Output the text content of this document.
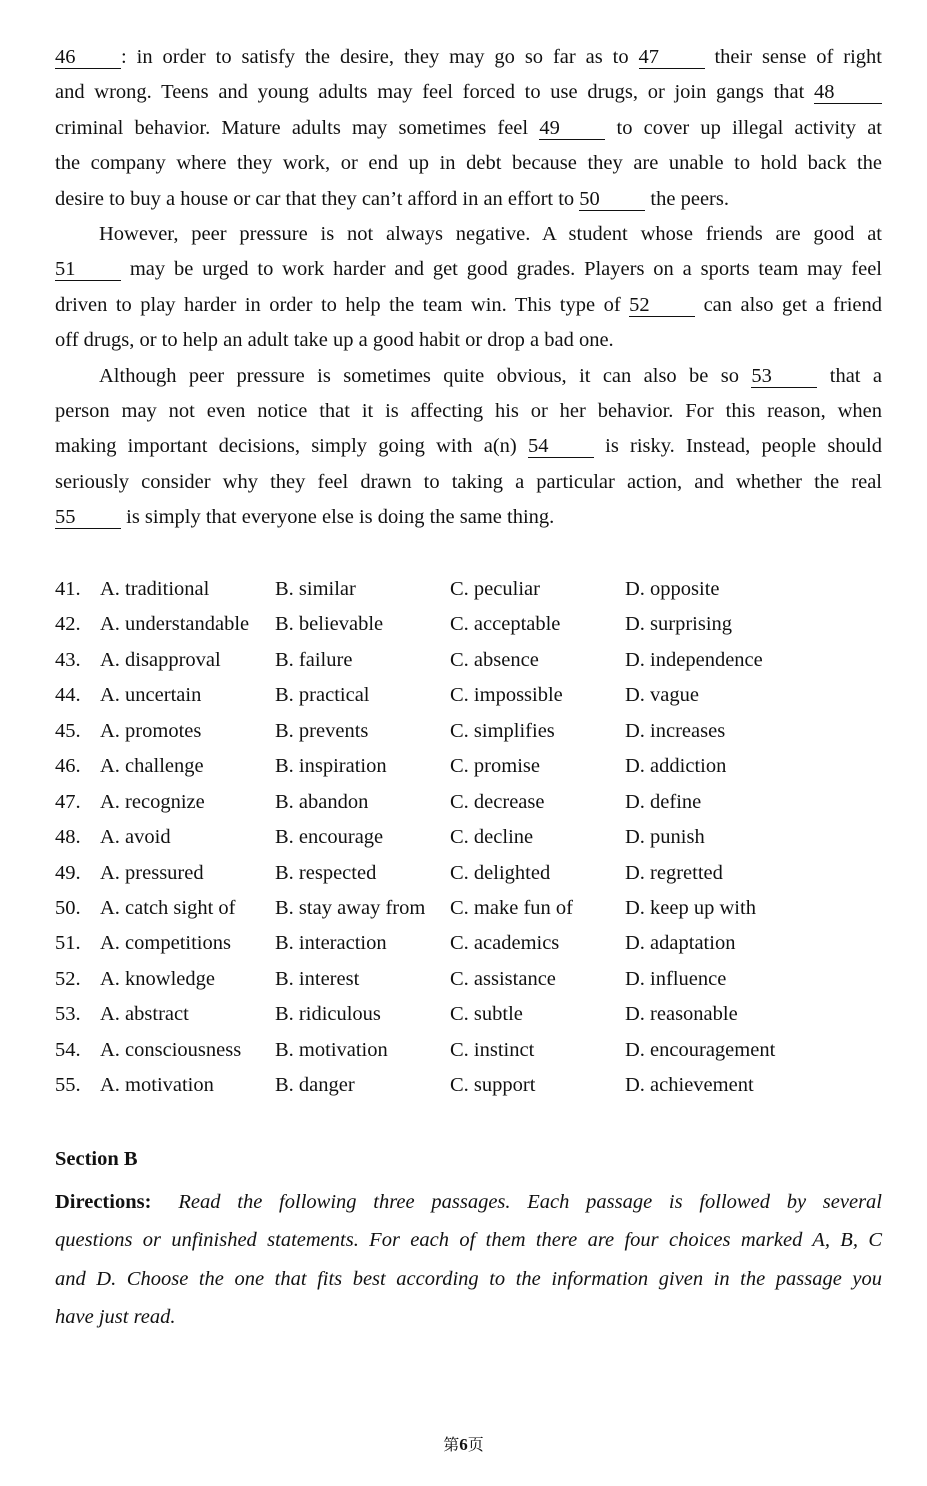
46 : in order to satisfy the desire, they may go so far as to 47 their sense of right
and wrong. Teens and young adults may feel forced to use drugs, or join gangs that 48
criminal behavior. Mature adults may sometimes feel 49 to cover up illegal activity at
the company where they work, or end up in debt because they are unable to hold back the
desire to buy a house or car that they can’t afford in an effort to 50 the peers.
However, peer pressure is not always negative. A student whose friends are good at
51 may be urged to work harder and get good grades. Players on a sports team may feel
driven to play harder in order to help the team win. This type of 52 can also get a friend
off drugs, or to help an adult take up a good habit or drop a bad one.
Although peer pressure is sometimes quite obvious, it can also be so 53 that a
person may not even notice that it is affecting his or her behavior. For this reason, when
making important decisions, simply going with a(n) 54 is risky. Instead, people should
seriously consider why they feel drawn to taking a particular action, and whether the real
55 is simply that everyone else is doing the same thing.
41. A. traditional	B. similar	C. peculiar	D. opposite
42. A. understandable B. believable	C. acceptable	D. surprising
43. A. disapproval	B. failure	C. absence	D. independence
44. A. uncertain	B. practical	C. impossible	D. vague
45. A. promotes	B. prevents	C. simplifies	D. increases
46. A. challenge	B. inspiration	C. promise	D. addiction
47. A. recognize	B. abandon	C. decrease	D. define
48. A. avoid	B. encourage	C. decline	D. punish
49. A. pressured	B. respected	C. delighted	D. regretted
50. A. catch sight of B. stay away from C. make fun of	D. keep up with
51. A. competitions B. interaction	C. academics	D. adaptation
52. A. knowledge	B. interest	C. assistance	D. influence
53. A. abstract	B. ridiculous	C. subtle	D. reasonable
54. A. consciousness B. motivation	C. instinct	D. encouragement
55. A. motivation	B. danger	C. support	D. achievement
Section B
Directions:  Read the following three passages. Each passage is followed by several
questions or unfinished statements. For each of them there are four choices marked A, B, C
and D. Choose the one that fits best according to the information given in the passage you
have just read.
第6页
